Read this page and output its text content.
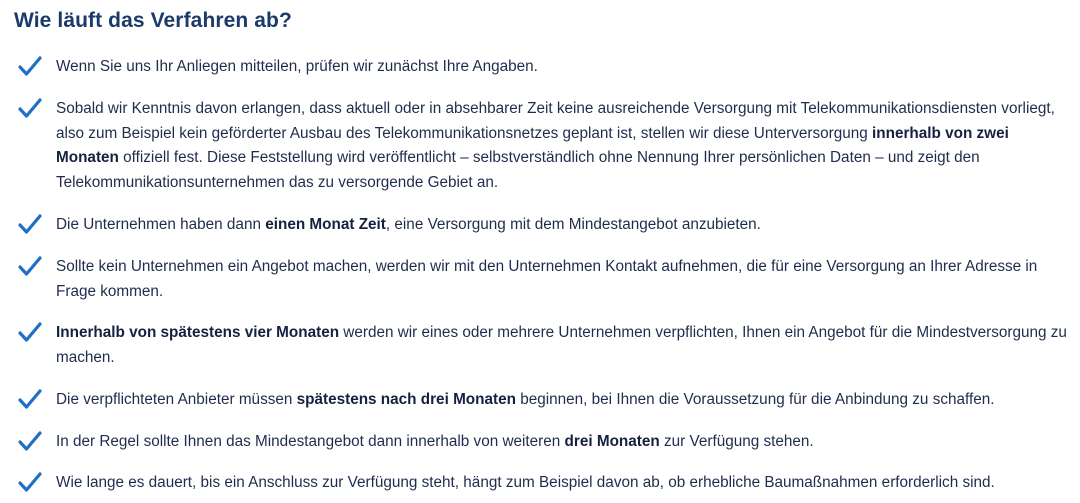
Wie läuft das Verfahren ab?
Wenn Sie uns Ihr Anliegen mitteilen, prüfen wir zunächst Ihre Angaben.
Sobald wir Kenntnis davon erlangen, dass aktuell oder in absehbarer Zeit keine ausreichende Versorgung mit Telekommunikationsdiensten vorliegt, also zum Beispiel kein geförderter Ausbau des Telekommunikationsnetzes geplant ist, stellen wir diese Unterversorgung innerhalb von zwei Monaten offiziell fest. Diese Feststellung wird veröffentlicht – selbstverständlich ohne Nennung Ihrer persönlichen Daten – und zeigt den Telekommunikationsunternehmen das zu versorgende Gebiet an.
Die Unternehmen haben dann einen Monat Zeit, eine Versorgung mit dem Mindestangebot anzubieten.
Sollte kein Unternehmen ein Angebot machen, werden wir mit den Unternehmen Kontakt aufnehmen, die für eine Versorgung an Ihrer Adresse in Frage kommen.
Innerhalb von spätestens vier Monaten werden wir eines oder mehrere Unternehmen verpflichten, Ihnen ein Angebot für die Mindestversorgung zu machen.
Die verpflichteten Anbieter müssen spätestens nach drei Monaten beginnen, bei Ihnen die Voraussetzung für die Anbindung zu schaffen.
In der Regel sollte Ihnen das Mindestangebot dann innerhalb von weiteren drei Monaten zur Verfügung stehen.
Wie lange es dauert, bis ein Anschluss zur Verfügung steht, hängt zum Beispiel davon ab, ob erhebliche Baumaßnahmen erforderlich sind.
